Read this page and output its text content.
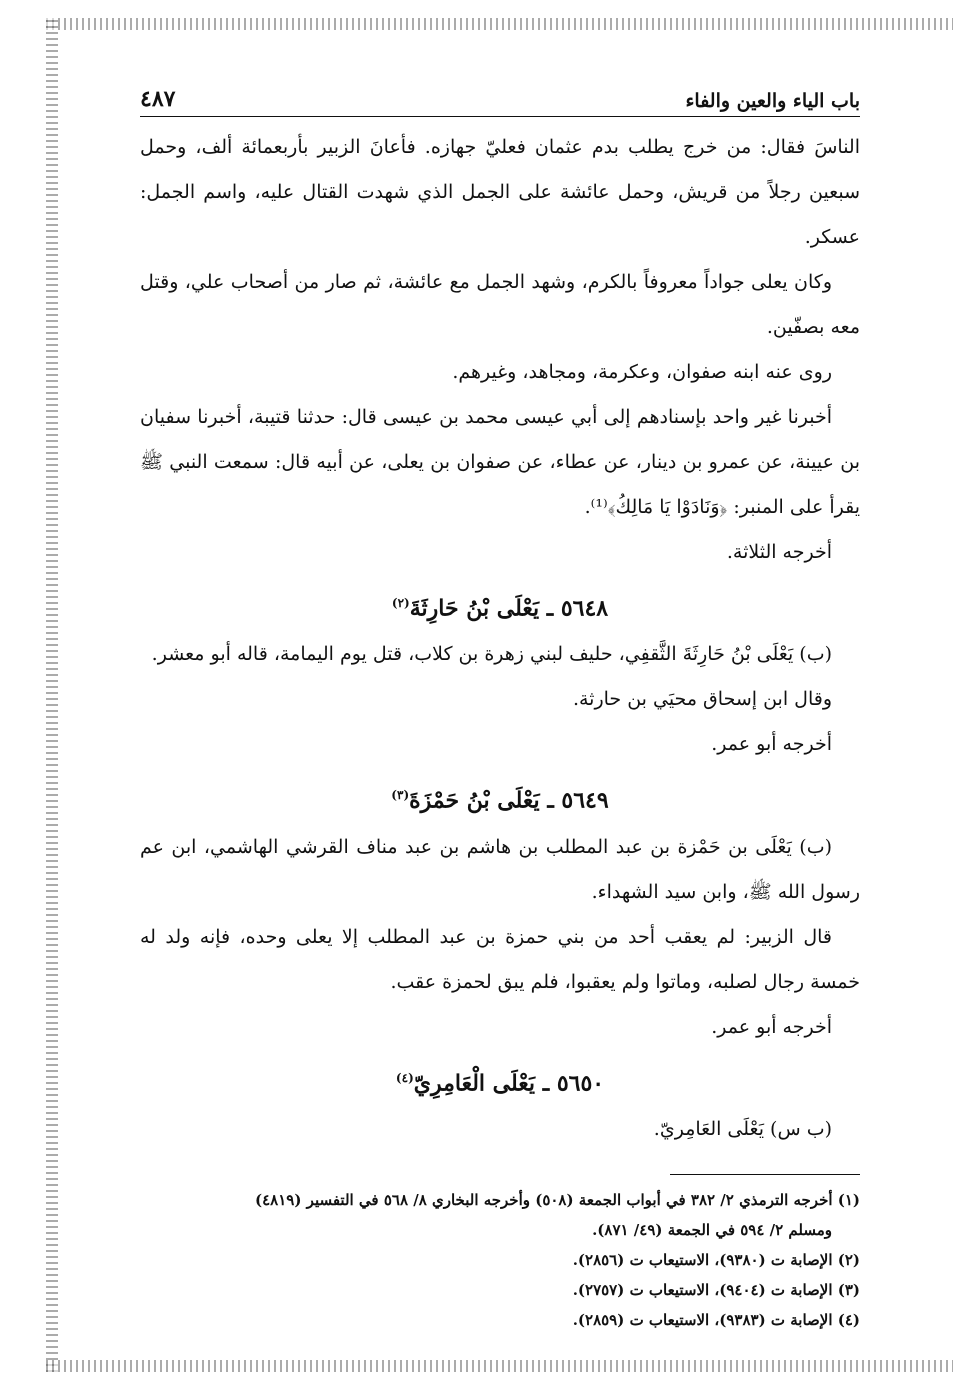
باب الياء والعين والفاء
٤٨٧

الناسَ فقال: من خرج يطلب بدم عثمان فعليّ جهازه. فأعانَ الزبير بأربعمائة ألف، وحمل سبعين رجلاً من قريش، وحمل عائشة على الجمل الذي شهدت القتال عليه، واسم الجمل: عسكر.

وكان يعلى جواداً معروفاً بالكرم، وشهد الجمل مع عائشة، ثم صار من أصحاب علي، وقتل معه بصفّين.

روى عنه ابنه صفوان، وعكرمة، ومجاهد، وغيرهم.

أخبرنا غير واحد بإسنادهم إلى أبي عيسى محمد بن عيسى قال: حدثنا قتيبة، أخبرنا سفيان بن عيينة، عن عمرو بن دينار، عن عطاء، عن صفوان بن يعلى، عن أبيه قال: سمعت النبي ﷺ يقرأ على المنبر: ﴿وَنَادَوْا يَا مَالِكُ﴾⁽¹⁾.

أخرجه الثلاثة.

٥٦٤٨ ـ يَعْلَى بْنُ حَارِثَةَ$^{(٢)}$

(ب) يَعْلَى بْنُ حَارِثَةَ الثَّقفِي، حليف لبني زهرة بن كلاب، قتل يوم اليمامة، قاله أبو معشر.

وقال ابن إسحاق محيَي بن حارثة.

أخرجه أبو عمر.

٥٦٤٩ ـ يَعْلَى بْنُ حَمْزَةَ$^{(٣)}$

(ب) يَعْلَى بن حَمْزة بن عبد المطلب بن هاشم بن عبد مناف القرشي الهاشمي، ابن عم رسول الله ﷺ، وابن سيد الشهداء.

قال الزبير: لم يعقب أحد من بني حمزة بن عبد المطلب إلا يعلى وحده، فإنه ولد له خمسة رجال لصلبه، وماتوا ولم يعقبوا، فلم يبق لحمزة عقب.

أخرجه أبو عمر.

٥٦٥٠ ـ يَعْلَى الْعَامِرِيّ$^{(٤)}$

(ب س) يَعْلَى العَامِريّ.

(١) أخرجه الترمذي ٢/ ٣٨٢ في أبواب الجمعة (٥٠٨) وأخرجه البخاري ٨/ ٥٦٨ في التفسير (٤٨١٩)

ومسلم ٢/ ٥٩٤ في الجمعة (٤٩/ ٨٧١).

(٢) الإصابة ت (٩٣٨٠)، الاستيعاب ت (٢٨٥٦).

(٣) الإصابة ت (٩٤٠٤)، الاستيعاب ت (٢٧٥٧).

(٤) الإصابة ت (٩٣٨٣)، الاستيعاب ت (٢٨٥٩).
